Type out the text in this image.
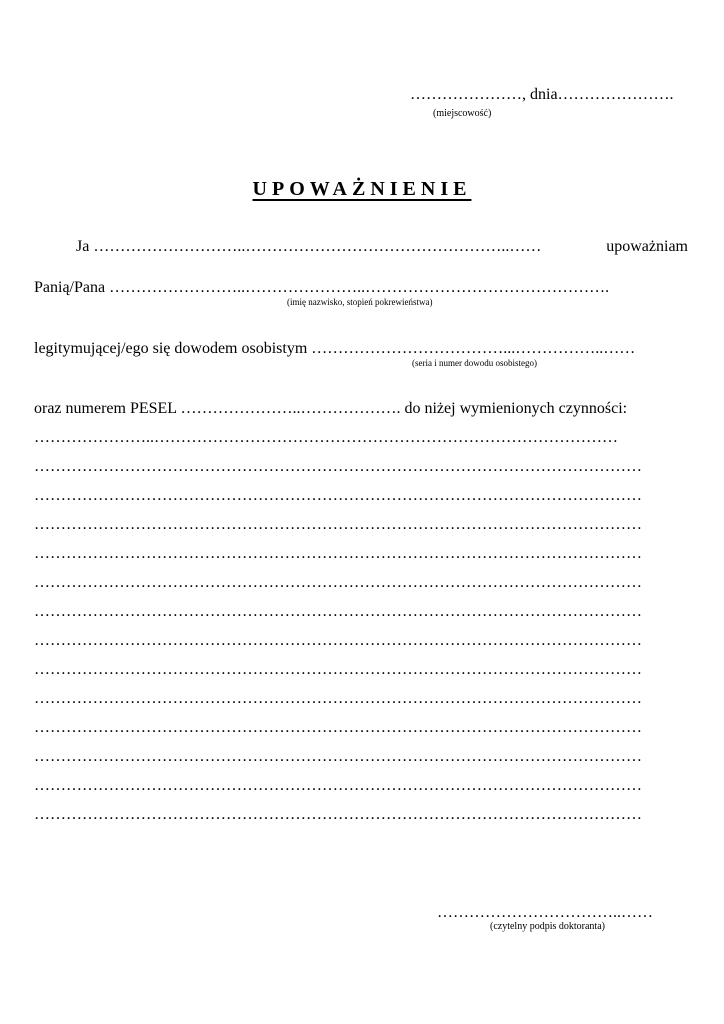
…………………, dnia………………….
(miejscowość)
UPOWAŻNIENIE
Ja ………………………..…………………………………………..……	upoważniam
Panią/Pana ……………………..…………………..……………………………………….
(imię nazwisko, stopień pokrewieństwa)
legitymującej/ego się dowodem osobistym ………………………………...……………..……
(seria i numer dowodu osobistego)
oraz numerem PESEL …………………..………………. do niżej wymienionych czynności:
…………………..……………………………………………………………………………
……………………………………………………………………………………………………
……………………………………………………………………………………………………
……………………………………………………………………………………………………
……………………………………………………………………………………………………
……………………………………………………………………………………………………
……………………………………………………………………………………………………
……………………………………………………………………………………………………
……………………………………………………………………………………………………
……………………………………………………………………………………………………
……………………………………………………………………………………………………
……………………………………………………………………………………………………
……………………………………………………………………………………………………
……………………………………………………………………………………………………
……………………………..……
(czytelny podpis doktoranta)
